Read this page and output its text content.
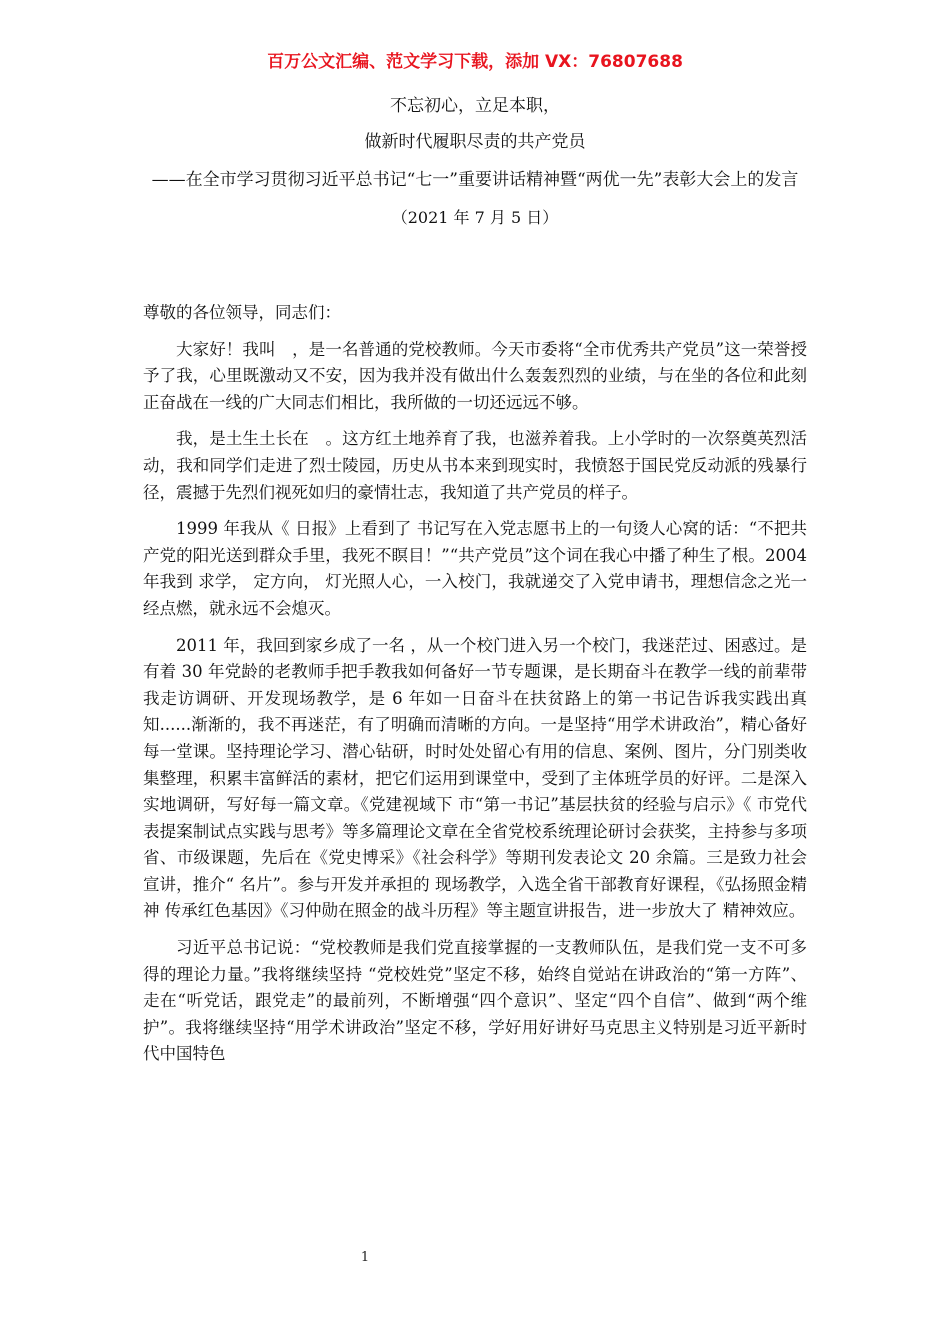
百万公文汇编、范文学习下载，添加 VX：76807688
不忘初心，立足本职，
做新时代履职尽责的共产党员
——在全市学习贯彻习近平总书记“七一”重要讲话精神暨“两优一先”表彰大会上的发言
（2021 年 7 月 5 日）

尊敬的各位领导，同志们：

大家好！我叫　，是一名普通的党校教师。今天市委将“全市优秀共产党员”这一荣誉授予了我，心里既激动又不安，因为我并没有做出什么轰轰烈烈的业绩，与在坐的各位和此刻正奋战在一线的广大同志们相比，我所做的一切还远远不够。

我，是土生土长在　。这方红土地养育了我，也滋养着我。上小学时的一次祭奠英烈活动，我和同学们走进了烈士陵园，历史从书本来到现实时，我愤怒于国民党反动派的残暴行径，震撼于先烈们视死如归的豪情壮志，我知道了共产党员的样子。

1999 年我从《 日报》上看到了 书记写在入党志愿书上的一句烫人心窝的话：“不把共产党的阳光送到群众手里，我死不瞑目！”“共产党员”这个词在我心中播了种生了根。2004 年我到 求学， 定方向， 灯光照人心，一入校门，我就递交了入党申请书，理想信念之光一经点燃，就永远不会熄灭。

2011 年，我回到家乡成了一名 ，从一个校门进入另一个校门，我迷茫过、困惑过。是有着 30 年党龄的老教师手把手教我如何备好一节专题课，是长期奋斗在教学一线的前辈带我走访调研、开发现场教学，是 6 年如一日奋斗在扶贫路上的第一书记告诉我实践出真知......渐渐的，我不再迷茫，有了明确而清晰的方向。一是坚持“用学术讲政治”，精心备好每一堂课。坚持理论学习、潜心钻研，时时处处留心有用的信息、案例、图片，分门别类收集整理，积累丰富鲜活的素材，把它们运用到课堂中，受到了主体班学员的好评。二是深入实地调研，写好每一篇文章。《党建视域下 市“第一书记”基层扶贫的经验与启示》《 市党代表提案制试点实践与思考》等多篇理论文章在全省党校系统理论研讨会获奖，主持参与多项省、市级课题，先后在《党史博采》《社会科学》等期刊发表论文 20 余篇。三是致力社会宣讲，推介“ 名片”。参与开发并承担的 现场教学，入选全省干部教育好课程，《弘扬照金精神 传承红色基因》《习仲勋在照金的战斗历程》等主题宣讲报告，进一步放大了 精神效应。

习近平总书记说：“党校教师是我们党直接掌握的一支教师队伍，是我们党一支不可多得的理论力量。”我将继续坚持 “党校姓党”坚定不移，始终自觉站在讲政治的“第一方阵”、走在“听党话，跟党走”的最前列，不断增强“四个意识”、坚定“四个自信”、做到“两个维护”。我将继续坚持“用学术讲政治”坚定不移，学好用好讲好马克思主义特别是习近平新时代中国特色

1
